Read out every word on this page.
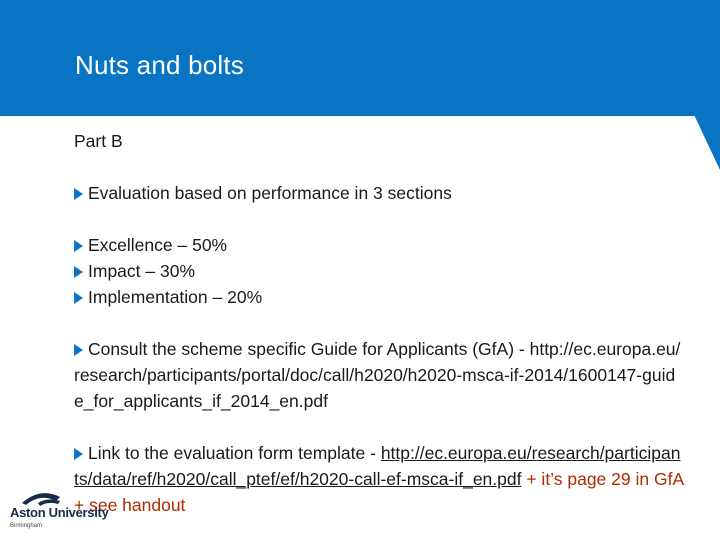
Nuts and bolts
Part B
Evaluation based on performance in 3 sections
Excellence – 50%
Impact – 30%
Implementation – 20%
Consult the scheme specific Guide for Applicants (GfA) - http://ec.europa.eu/research/participants/portal/doc/call/h2020/h2020-msca-if-2014/1600147-guide_for_applicants_if_2014_en.pdf
Link to the evaluation form template - http://ec.europa.eu/research/participants/data/ref/h2020/call_ptef/ef/h2020-call-ef-msca-if_en.pdf + it’s page 29 in GfA + see handout
Aston University
Birmingham
